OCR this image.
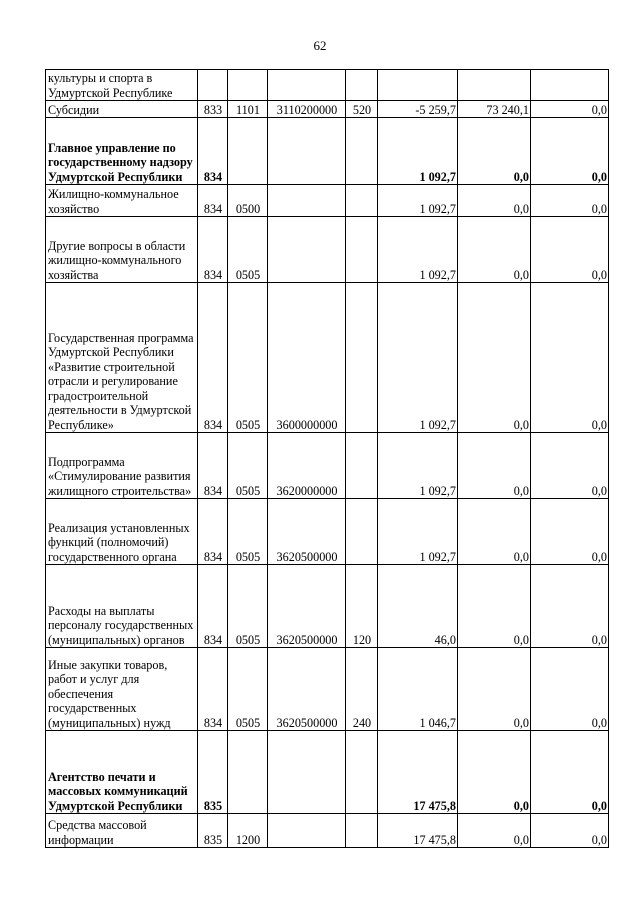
62
культуры и спорта в Удмуртской Республике							
Субсидии	833	1101	3110200000	520	-5 259,7	73 240,1	0,0
Главное управление по государственному надзору Удмуртской Республики	834				1 092,7	0,0	0,0
Жилищно-коммунальное хозяйство	834	0500			1 092,7	0,0	0,0
Другие вопросы в области жилищно-коммунального хозяйства	834	0505			1 092,7	0,0	0,0
Государственная программа Удмуртской Республики «Развитие строительной отрасли и регулирование градостроительной деятельности в Удмуртской Республике»	834	0505	3600000000		1 092,7	0,0	0,0
Подпрограмма «Стимулирование развития жилищного строительства»	834	0505	3620000000		1 092,7	0,0	0,0
Реализация установленных функций (полномочий) государственного органа	834	0505	3620500000		1 092,7	0,0	0,0
Расходы на выплаты персоналу государственных (муниципальных) органов	834	0505	3620500000	120	46,0	0,0	0,0
Иные закупки товаров, работ и услуг для обеспечения государственных (муниципальных) нужд	834	0505	3620500000	240	1 046,7	0,0	0,0
Агентство печати и массовых коммуникаций Удмуртской Республики	835				17 475,8	0,0	0,0
Средства массовой информации	835	1200			17 475,8	0,0	0,0
